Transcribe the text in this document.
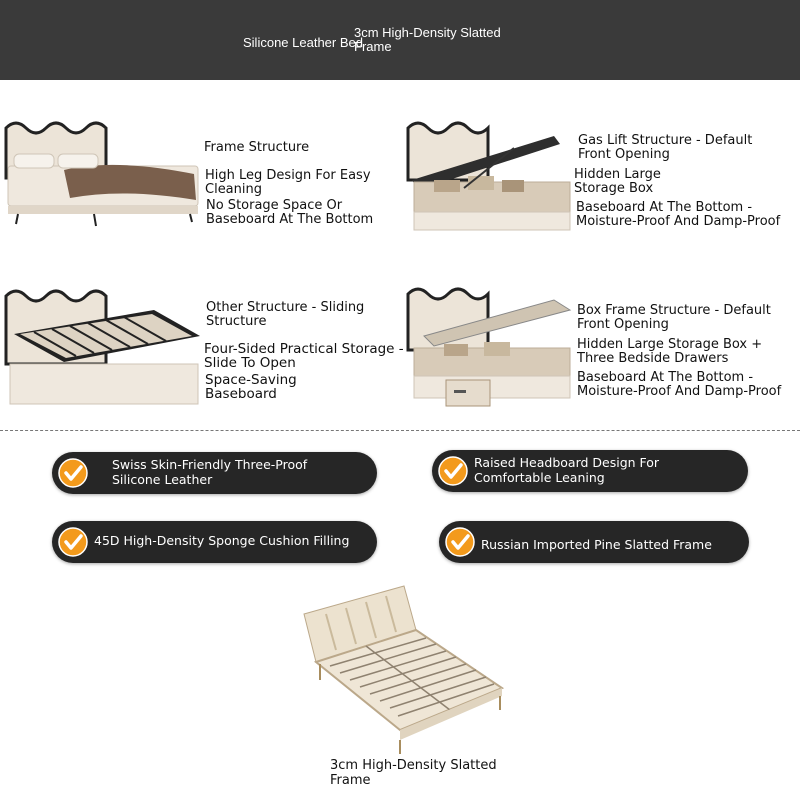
Silicone Leather Bed
3cm High-Density Slatted Frame
Frame Structure
High Leg Design For Easy Cleaning
No Storage Space Or Baseboard At The Bottom
Gas Lift Structure - Default Front Opening
Hidden Large Storage Box
Baseboard At The Bottom - Moisture-Proof And Damp-Proof
Other Structure - Sliding Structure
Four-Sided Practical Storage - Slide To Open
Space-Saving Baseboard
Box Frame Structure - Default Front Opening
Hidden Large Storage Box + Three Bedside Drawers
Baseboard At The Bottom - Moisture-Proof And Damp-Proof
Swiss Skin-Friendly Three-Proof Silicone Leather
Raised Headboard Design For Comfortable Leaning
45D High-Density Sponge Cushion Filling	Russian Imported Pine Slatted Frame
3cm High-Density Slatted Frame
